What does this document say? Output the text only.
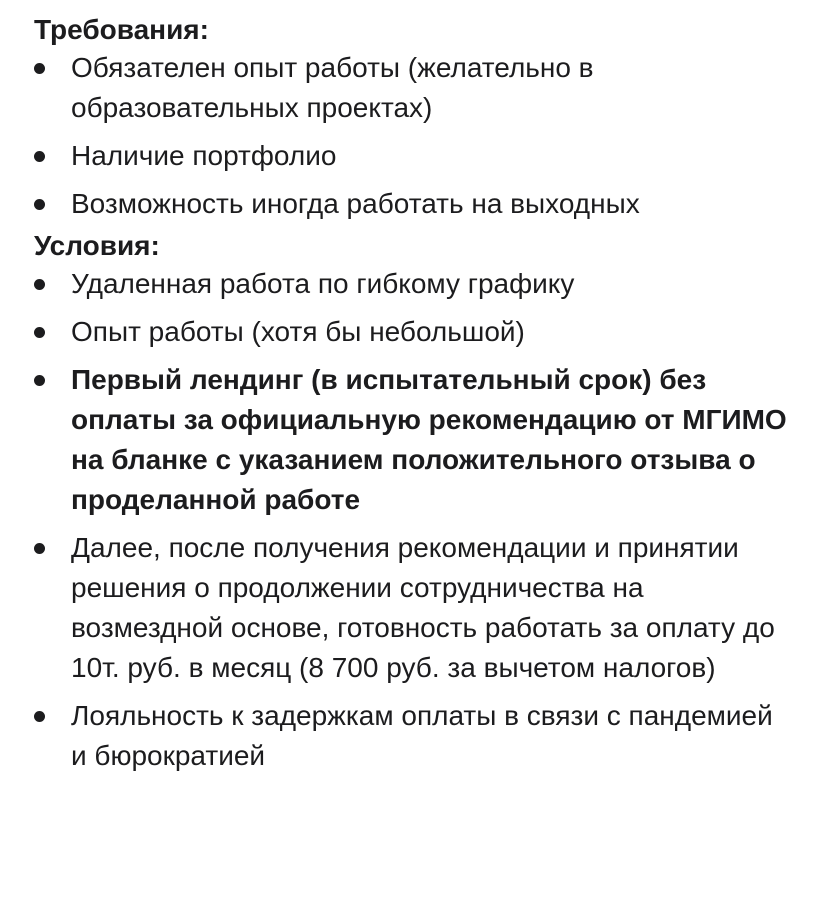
Требования:
Обязателен опыт работы (желательно в образовательных проектах)
Наличие портфолио
Возможность иногда работать на выходных
Условия:
Удаленная работа по гибкому графику
Опыт работы (хотя бы небольшой)
Первый лендинг (в испытательный срок) без оплаты за официальную рекомендацию от МГИМО на бланке с указанием положительного отзыва о проделанной работе
Далее, после получения рекомендации и принятии решения о продолжении сотрудничества на возмездной основе, готовность работать за оплату до 10т. руб. в месяц (8 700 руб. за вычетом налогов)
Лояльность к задержкам оплаты в связи с пандемией и бюрократией
